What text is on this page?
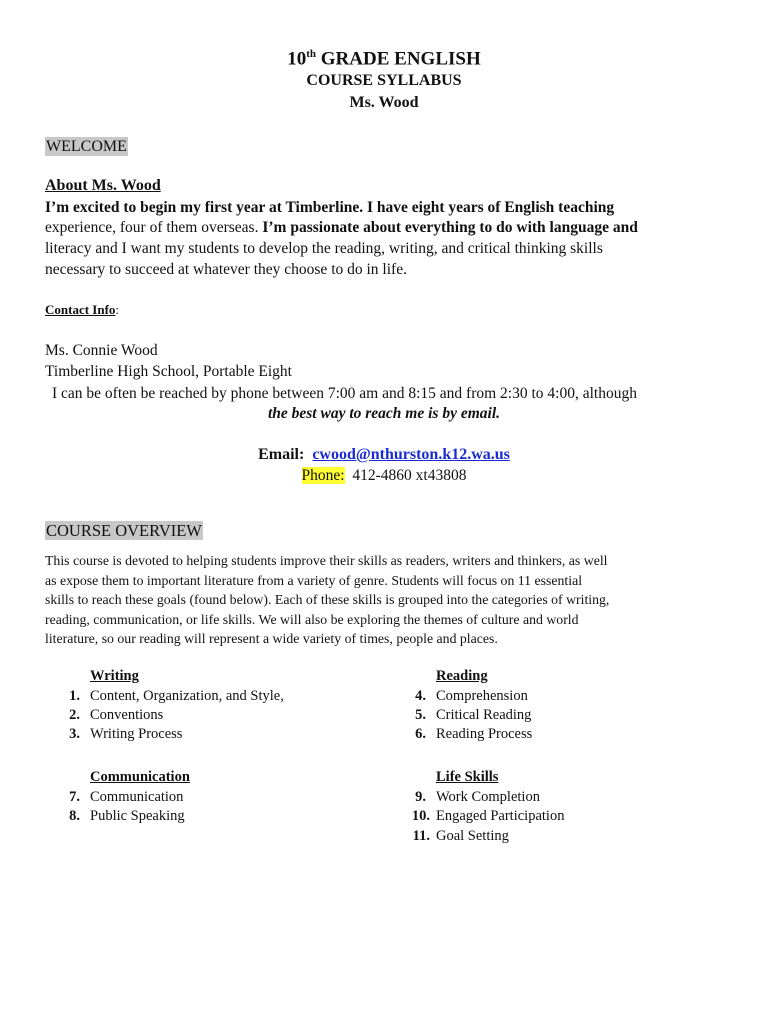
10th GRADE ENGLISH
COURSE SYLLABUS
Ms. Wood
WELCOME
About Ms. Wood
I’m excited to begin my first year at Timberline. I have eight years of English teaching
experience, four of them overseas. I’m passionate about everything to do with language and
literacy and I want my students to develop the reading, writing, and critical thinking skills
necessary to succeed at whatever they choose to do in life.
Contact Info:
Ms. Connie Wood
Timberline High School, Portable Eight
I can be often be reached by phone between 7:00 am and 8:15 and from 2:30 to 4:00, although
the best way to reach me is by email.
Email: cwood@nthurston.k12.wa.us
Phone: 412-4860 xt43808
COURSE OVERVIEW
This course is devoted to helping students improve their skills as readers, writers and thinkers, as well
as expose them to important literature from a variety of genre. Students will focus on 11 essential
skills to reach these goals (found below). Each of these skills is grouped into the categories of writing,
reading, communication, or life skills. We will also be exploring the themes of culture and world
literature, so our reading will represent a wide variety of times, people and places.
Writing
1. Content, Organization, and Style,
2. Conventions
3. Writing Process
Reading
4. Comprehension
5. Critical Reading
6. Reading Process
Communication
7. Communication
8. Public Speaking
Life Skills
9. Work Completion
10. Engaged Participation
11. Goal Setting
